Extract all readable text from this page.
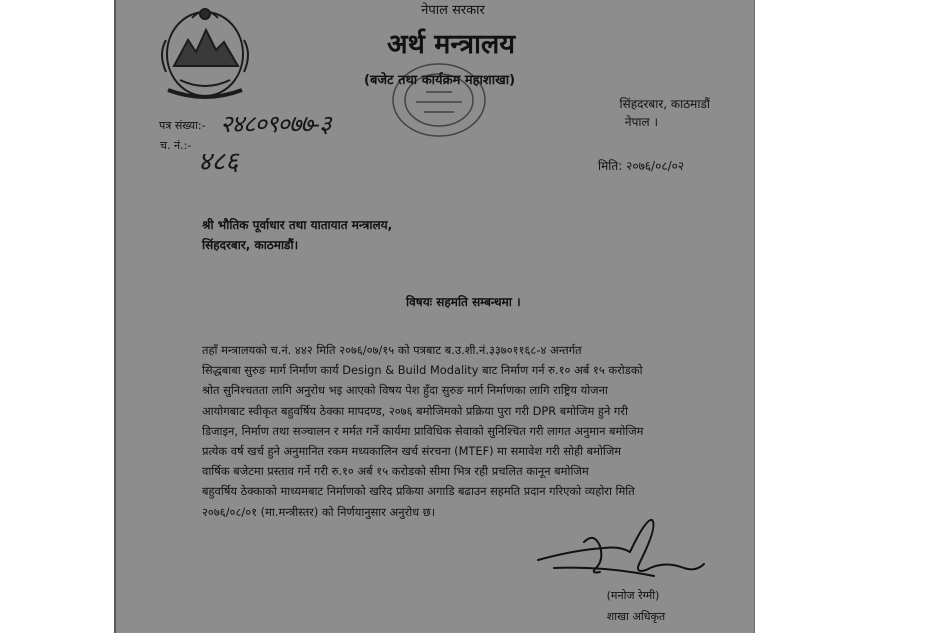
नेपाल सरकार
अर्थ मन्त्रालय
(बजेट तथा कार्यक्रम महाशाखा)
सिंहदरबार, काठमाडौं
नेपाल ।
पत्र संख्या:- २४८०९०७७-३
च. नं.:-
४८६	मिति: २०७६/०८/०२
श्री भौतिक पूर्वाधार तथा यातायात मन्त्रालय,
सिंहदरबार, काठमाडौं।
विषयः सहमति सम्बन्धमा ।
तहाँ मन्त्रालयको च.नं. ४४२ मिति २०७६/०७/१५ को पत्रबाट ब.उ.शी.नं.३३७०११६८-४ अन्तर्गत
सिद्धबाबा सुरुङ मार्ग निर्माण कार्य Design & Build Modality बाट निर्माण गर्न रु.१० अर्ब १५ करोडको
श्रोत सुनिश्चतता लागि अनुरोध भइ आएको विषय पेश हुँदा सुरुङ मार्ग निर्माणका लागि राष्ट्रिय योजना
आयोगबाट स्वीकृत बहुवर्षिय ठेक्का मापदण्ड, २०७६ बमोजिमको प्रक्रिया पुरा गरी DPR बमोजिम हुने गरी
डिजाइन, निर्माण तथा सञ्चालन र मर्मत गर्ने कार्यमा प्राविधिक सेवाको सुनिश्चित गरी लागत अनुमान बमोजिम
प्रत्येक वर्ष खर्च हुने अनुमानित रकम मध्यकालिन खर्च संरचना (MTEF) मा समावेश गरी सोही बमोजिम
वार्षिक बजेटमा प्रस्ताव गर्ने गरी रु.१० अर्ब १५ करोडको सीमा भित्र रही प्रचलित कानून बमोजिम
बहुवर्षिय ठेक्काको माध्यमबाट निर्माणको खरिद प्रकिया अगाडि बढाउन सहमति प्रदान गरिएको व्यहोरा मिति
२०७६/०८/०१ (मा.मन्त्रीस्तर) को निर्णयानुसार अनुरोध छ।
(मनोज रेग्मी)
शाखा अधिकृत
